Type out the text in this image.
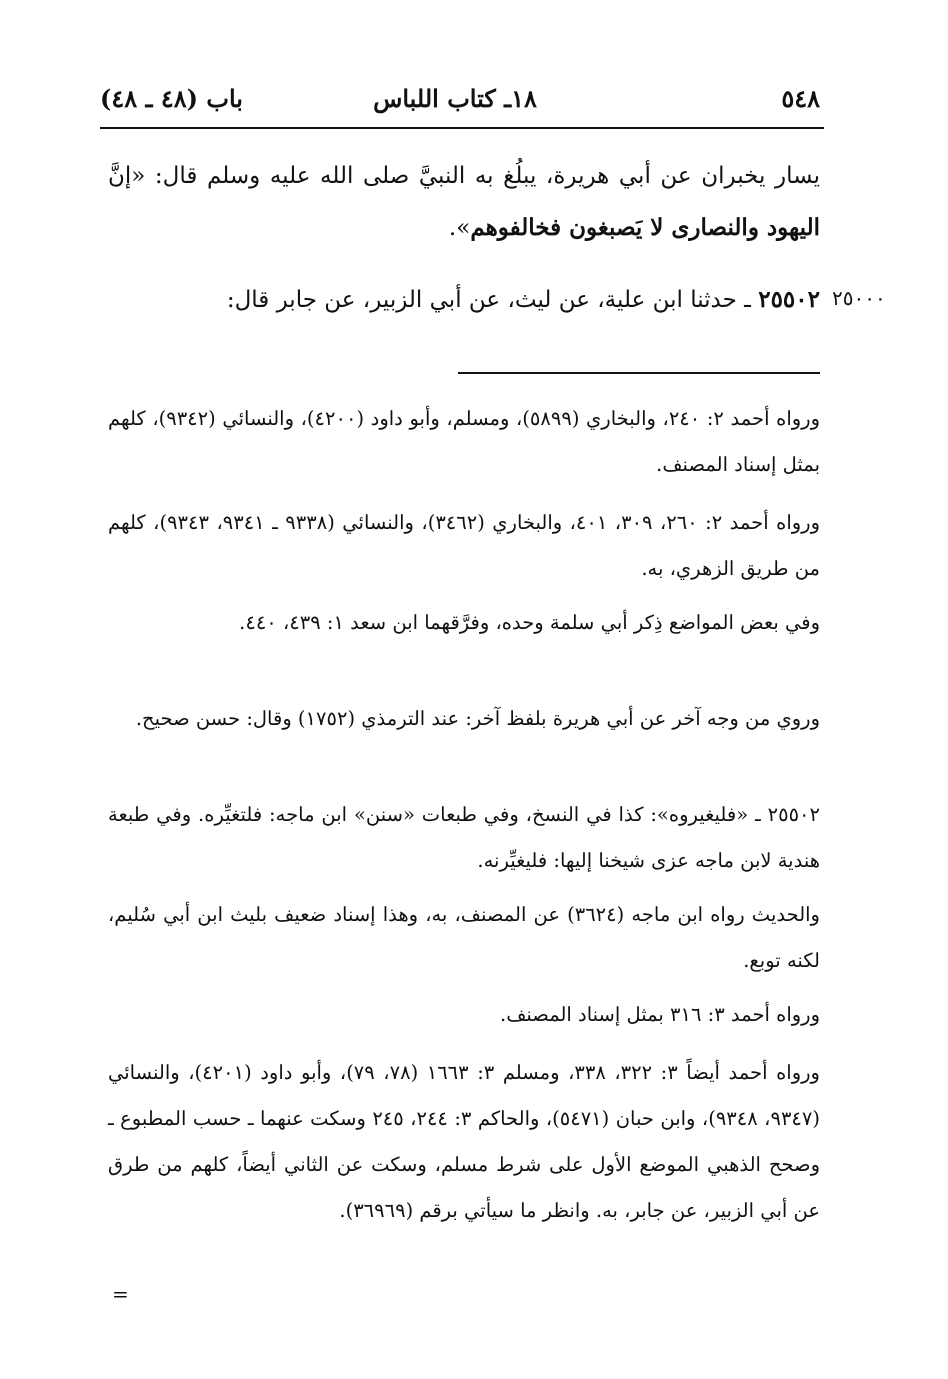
٥٤٨
١٨ـ كتاب اللباس
باب (٤٨ ـ ٤٨)
يسار يخبران عن أبي هريرة، يبلُغ به النبيَّ صلى الله عليه وسلم قال: «إنَّ اليهود والنصارى لا يَصبغون فخالفوهم».
٢٥٥٠٢ ـ حدثنا ابن علية، عن ليث، عن أبي الزبير، عن جابر قال:	٢٥٠٠٠
ورواه أحمد ٢: ٢٤٠، والبخاري (٥٨٩٩)، ومسلم، وأبو داود (٤٢٠٠)، والنسائي (٩٣٤٢)، كلهم بمثل إسناد المصنف.
ورواه أحمد ٢: ٢٦٠، ٣٠٩، ٤٠١، والبخاري (٣٤٦٢)، والنسائي (٩٣٣٨ ـ ٩٣٤١، ٩٣٤٣)، كلهم من طريق الزهري، به.
وفي بعض المواضع ذِكر أبي سلمة وحده، وفرَّقهما ابن سعد ١: ٤٣٩، ٤٤٠.
وروي من وجه آخر عن أبي هريرة بلفظ آخر: عند الترمذي (١٧٥٢) وقال: حسن صحيح.
٢٥٥٠٢ ـ «فليغيروه»: كذا في النسخ، وفي طبعات «سنن» ابن ماجه: فلتغيِّره. وفي طبعة هندية لابن ماجه عزى شيخنا إليها: فليغيِّرنه.
والحديث رواه ابن ماجه (٣٦٢٤) عن المصنف، به، وهذا إسناد ضعيف بليث ابن أبي سُليم، لكنه توبع.
ورواه أحمد ٣: ٣١٦ بمثل إسناد المصنف.
ورواه أحمد أيضاً ٣: ٣٢٢، ٣٣٨، ومسلم ٣: ١٦٦٣ (٧٨، ٧٩)، وأبو داود (٤٢٠١)، والنسائي (٩٣٤٧، ٩٣٤٨)، وابن حبان (٥٤٧١)، والحاكم ٣: ٢٤٤، ٢٤٥ وسكت عنهما ـ حسب المطبوع ـ وصحح الذهبي الموضع الأول على شرط مسلم، وسكت عن الثاني أيضاً، كلهم من طرق عن أبي الزبير، عن جابر، به. وانظر ما سيأتي برقم (٣٦٩٦٩).
=
